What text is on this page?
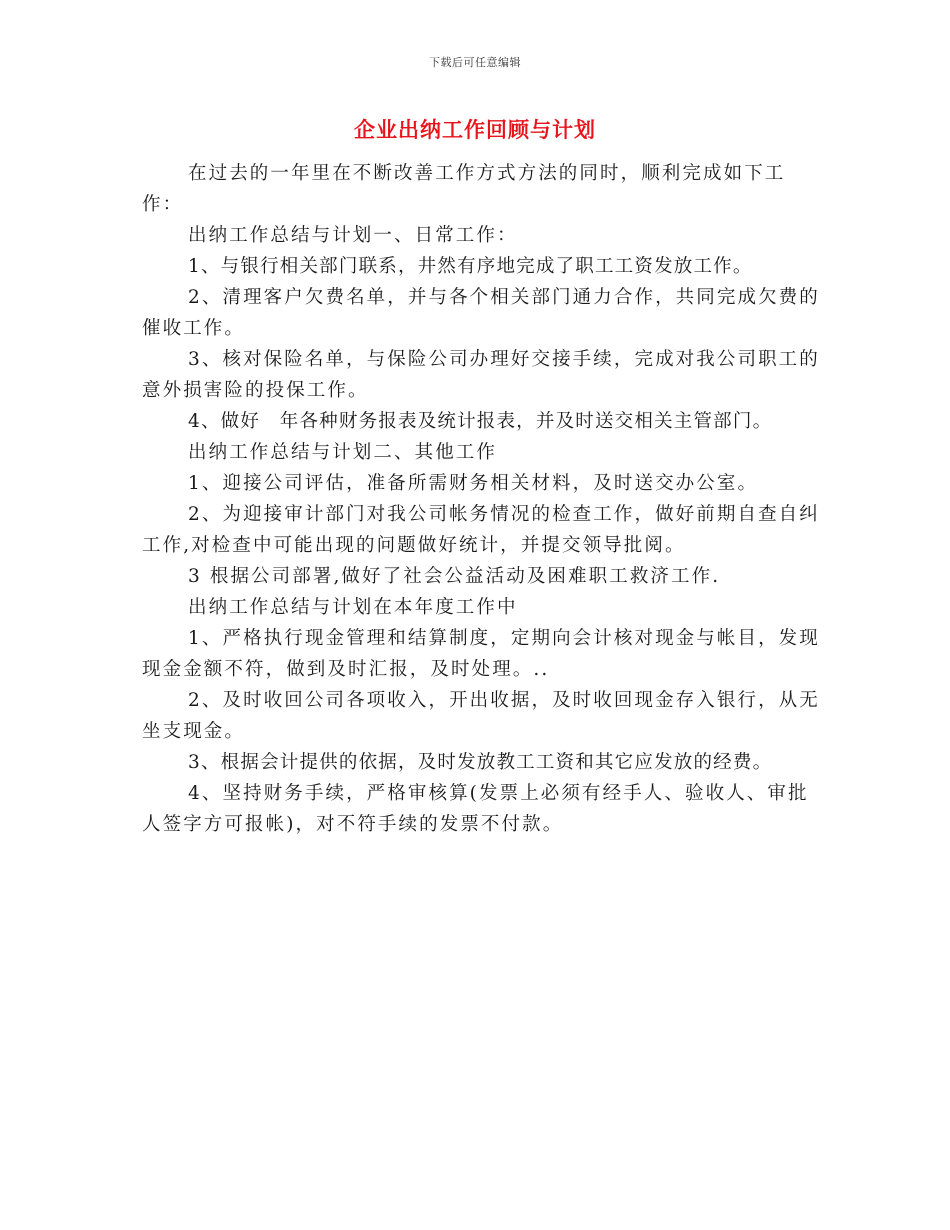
下载后可任意编辑
企业出纳工作回顾与计划

在过去的一年里在不断改善工作方式方法的同时，顺利完成如下工作：

出纳工作总结与计划一、日常工作：

1、与银行相关部门联系，井然有序地完成了职工工资发放工作。

2、清理客户欠费名单，并与各个相关部门通力合作，共同完成欠费的催收工作。

3、核对保险名单，与保险公司办理好交接手续，完成对我公司职工的意外损害险的投保工作。

4、做好　年各种财务报表及统计报表，并及时送交相关主管部门。

出纳工作总结与计划二、其他工作

1、迎接公司评估，准备所需财务相关材料，及时送交办公室。

2、为迎接审计部门对我公司帐务情况的检查工作，做好前期自查自纠工作,对检查中可能出现的问题做好统计，并提交领导批阅。

3 根据公司部署,做好了社会公益活动及困难职工救济工作.

出纳工作总结与计划在本年度工作中

1、严格执行现金管理和结算制度，定期向会计核对现金与帐目，发现现金金额不符，做到及时汇报，及时处理。..

2、及时收回公司各项收入，开出收据，及时收回现金存入银行，从无坐支现金。

3、根据会计提供的依据，及时发放教工工资和其它应发放的经费。

4、坚持财务手续，严格审核算(发票上必须有经手人、验收人、审批人签字方可报帐)，对不符手续的发票不付款。
